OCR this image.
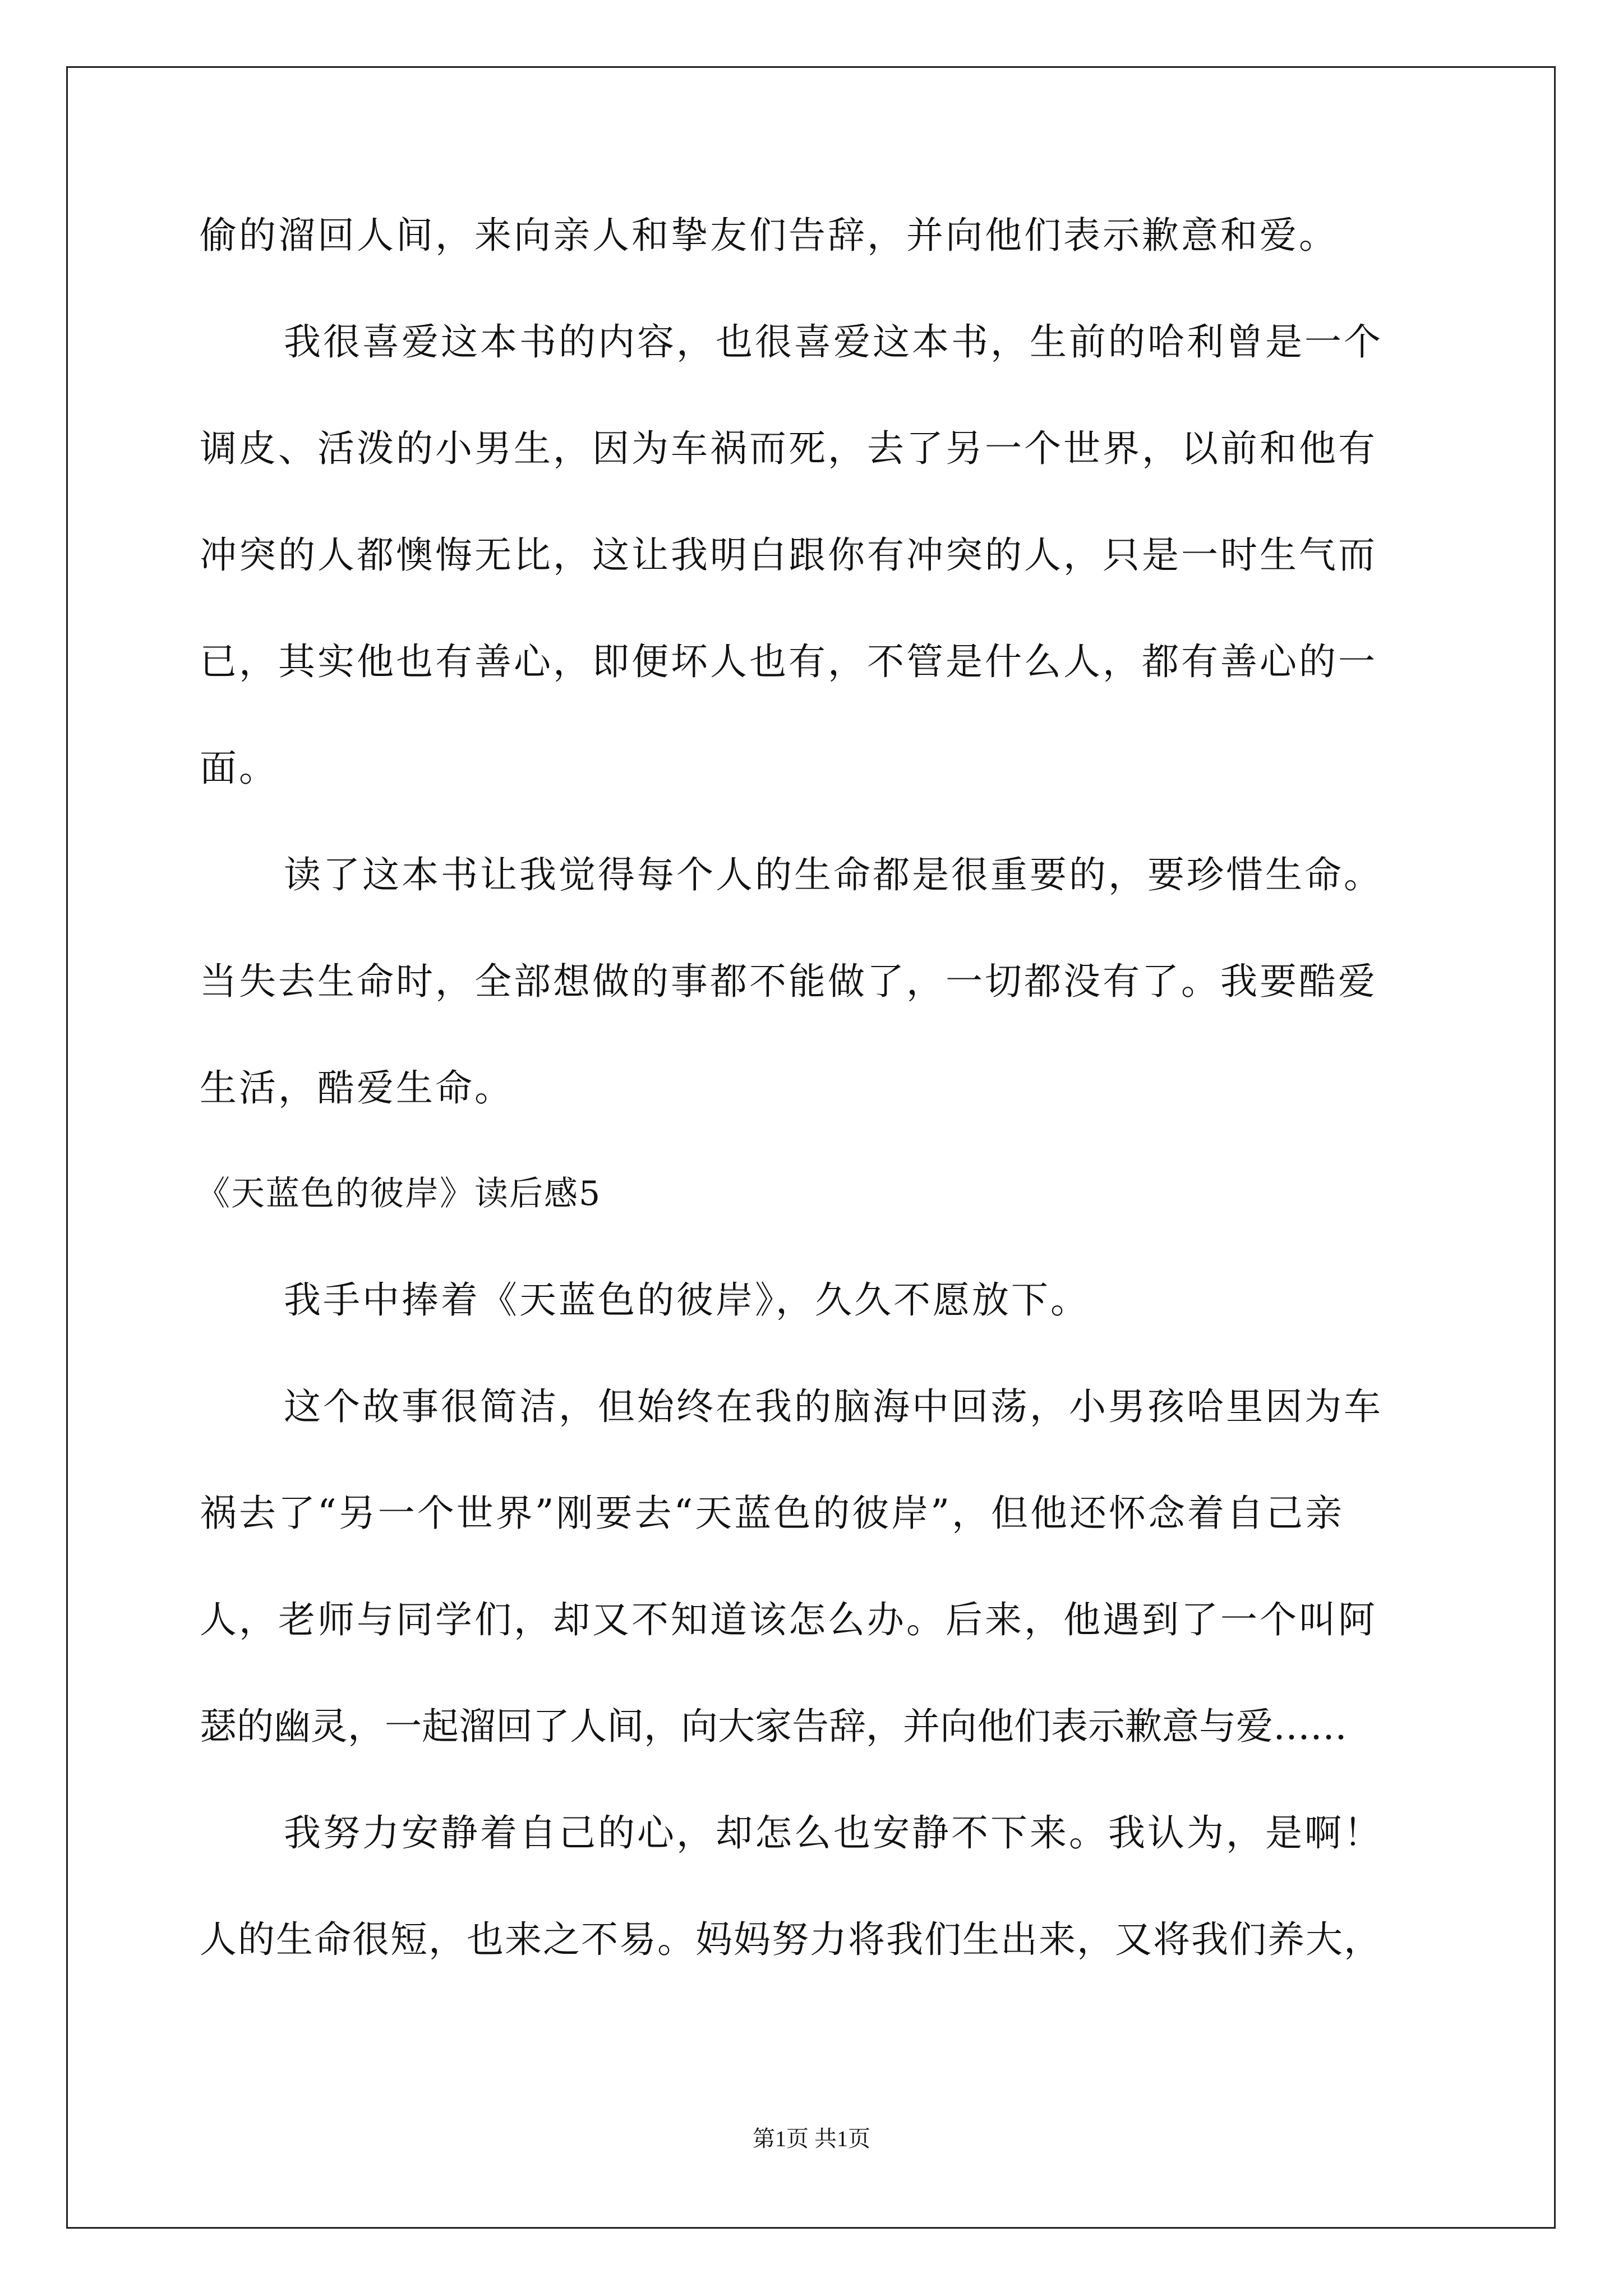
偷的溜回人间，来向亲人和挚友们告辞，并向他们表示歉意和爱。
我很喜爱这本书的内容，也很喜爱这本书，生前的哈利曾是一个
调皮、活泼的小男生，因为车祸而死，去了另一个世界，以前和他有
冲突的人都懊悔无比，这让我明白跟你有冲突的人，只是一时生气而
已，其实他也有善心，即便坏人也有，不管是什么人，都有善心的一
面。
读了这本书让我觉得每个人的生命都是很重要的，要珍惜生命。
当失去生命时，全部想做的事都不能做了，一切都没有了。我要酷爱
生活，酷爱生命。
《天蓝色的彼岸》读后感5
我手中捧着《天蓝色的彼岸》，久久不愿放下。
这个故事很简洁，但始终在我的脑海中回荡，小男孩哈里因为车
祸去了“另一个世界”刚要去“天蓝色的彼岸”，但他还怀念着自己亲
人，老师与同学们，却又不知道该怎么办。后来，他遇到了一个叫阿
瑟的幽灵，一起溜回了人间，向大家告辞，并向他们表示歉意与爱……
我努力安静着自己的心，却怎么也安静不下来。我认为，是啊！
人的生命很短，也来之不易。妈妈努力将我们生出来，又将我们养大，
第1页 共1页
